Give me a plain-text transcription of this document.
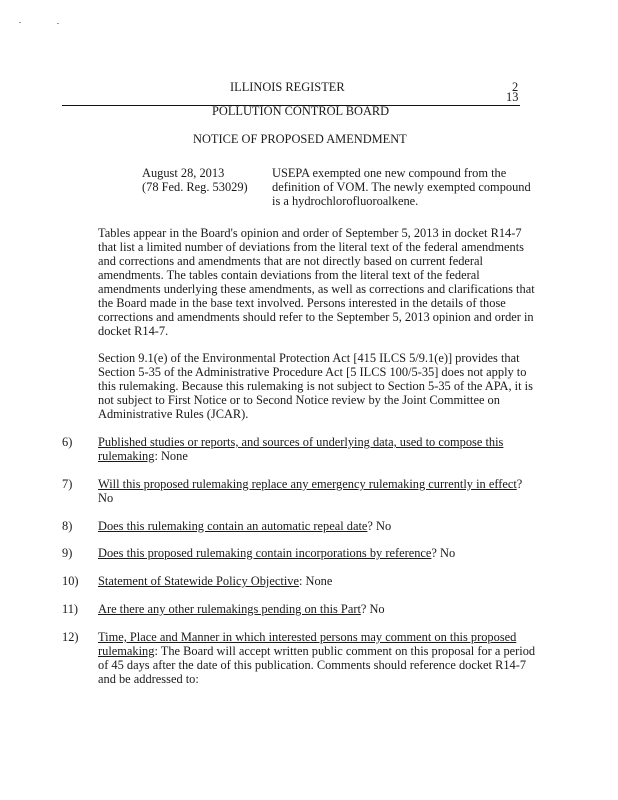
ILLINOIS REGISTER	2
13
POLLUTION CONTROL BOARD
NOTICE OF PROPOSED AMENDMENT
August 28, 2013
(78 Fed. Reg. 53029)
USEPA exempted one new compound from the
definition of VOM. The newly exempted compound
is a hydrochlorofluoroalkene.
Tables appear in the Board's opinion and order of September 5, 2013 in docket R14-7
that list a limited number of deviations from the literal text of the federal amendments
and corrections and amendments that are not directly based on current federal
amendments. The tables contain deviations from the literal text of the federal
amendments underlying these amendments, as well as corrections and clarifications that
the Board made in the base text involved. Persons interested in the details of those
corrections and amendments should refer to the September 5, 2013 opinion and order in
docket R14-7.
Section 9.1(e) of the Environmental Protection Act [415 ILCS 5/9.1(e)] provides that
Section 5-35 of the Administrative Procedure Act [5 ILCS 100/5-35] does not apply to
this rulemaking. Because this rulemaking is not subject to Section 5-35 of the APA, it is
not subject to First Notice or to Second Notice review by the Joint Committee on
Administrative Rules (JCAR).
6) Published studies or reports, and sources of underlying data, used to compose this
rulemaking: None
7) Will this proposed rulemaking replace any emergency rulemaking currently in effect?
No
8) Does this rulemaking contain an automatic repeal date? No
9) Does this proposed rulemaking contain incorporations by reference? No
10) Statement of Statewide Policy Objective: None
11) Are there any other rulemakings pending on this Part? No
12) Time, Place and Manner in which interested persons may comment on this proposed
rulemaking: The Board will accept written public comment on this proposal for a period
of 45 days after the date of this publication. Comments should reference docket R14-7
and be addressed to:
